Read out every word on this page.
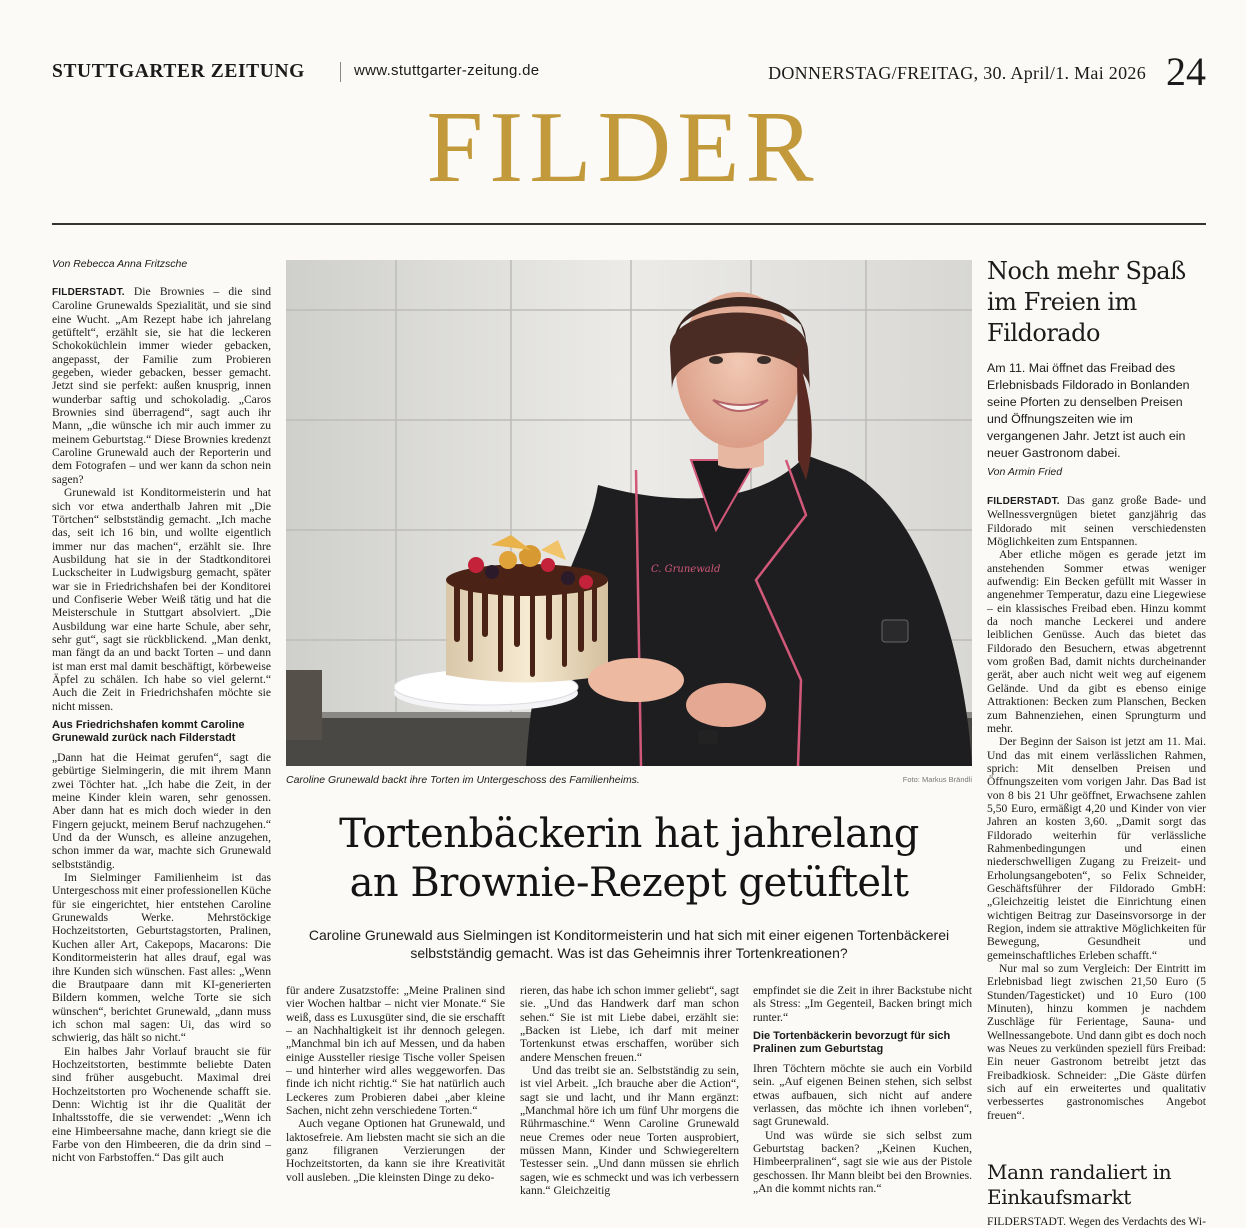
STUTTGARTER ZEITUNG	www.stuttgarter-zeitung.de	DONNERSTAG/FREITAG, 30. April/1. Mai 2026 24
FILDER
Von Rebecca Anna Fritzsche

FILDERSTADT. Die Brownies – die sind Caroline Grunewalds Spezialität, und sie sind eine Wucht. „Am Rezept habe ich jahrelang getüftelt“, erzählt sie, sie hat die leckeren Schokoküchlein immer wieder gebacken, angepasst, der Familie zum Probieren gegeben, wieder gebacken, besser gemacht. Jetzt sind sie perfekt: außen knusprig, innen wunderbar saftig und schokoladig. „Caros Brownies sind überragend“, sagt auch ihr Mann, „die wünsche ich mir auch immer zu meinem Geburtstag.“ Diese Brownies kredenzt Caroline Grunewald auch der Reporterin und dem Fotografen – und wer kann da schon nein sagen?

Grunewald ist Konditormeisterin und hat sich vor etwa anderthalb Jahren mit „Die Törtchen“ selbstständig gemacht. „Ich mache das, seit ich 16 bin, und wollte eigentlich immer nur das machen“, erzählt sie. Ihre Ausbildung hat sie in der Stadtkonditorei Luckscheiter in Ludwigsburg gemacht, später war sie in Friedrichshafen bei der Konditorei und Confiserie Weber Weiß tätig und hat die Meisterschule in Stuttgart absolviert. „Die Ausbildung war eine harte Schule, aber sehr, sehr gut“, sagt sie rückblickend. „Man denkt, man fängt da an und backt Torten – und dann ist man erst mal damit beschäftigt, körbeweise Äpfel zu schälen. Ich habe so viel gelernt.“ Auch die Zeit in Friedrichshafen möchte sie nicht missen.

Aus Friedrichshafen kommt Caroline Grunewald zurück nach Filderstadt

„Dann hat die Heimat gerufen“, sagt die gebürtige Sielmingerin, die mit ihrem Mann zwei Töchter hat. „Ich habe die Zeit, in der meine Kinder klein waren, sehr genossen. Aber dann hat es mich doch wieder in den Fingern gejuckt, meinem Beruf nachzugehen.“ Und da der Wunsch, es alleine anzugehen, schon immer da war, machte sich Grunewald selbstständig.

Im Sielminger Familienheim ist das Untergeschoss mit einer professionellen Küche für sie eingerichtet, hier entstehen Caroline Grunewalds Werke. Mehrstöckige Hochzeitstorten, Geburtstagstorten, Pralinen, Kuchen aller Art, Cakepops, Macarons: Die Konditormeisterin hat alles drauf, egal was ihre Kunden sich wünschen. Fast alles: „Wenn die Brautpaare dann mit KI-generierten Bildern kommen, welche Torte sie sich wünschen“, berichtet Grunewald, „dann muss ich schon mal sagen: Ui, das wird so schwierig, das hält so nicht.“

Ein halbes Jahr Vorlauf braucht sie für Hochzeitstorten, bestimmte beliebte Daten sind früher ausgebucht. Maximal drei Hochzeitstorten pro Wochenende schafft sie. Denn: Wichtig ist ihr die Qualität der Inhaltsstoffe, die sie verwendet: „Wenn ich eine Himbeersahne mache, dann kriegt sie die Farbe von den Himbeeren, die da drin sind – nicht von Farbstoffen.“ Das gilt auch

C. Grunewald
Caroline Grunewald backt ihre Torten im Untergeschoss des Familienheims.	Foto: Markus Brändli
Tortenbäckerin hat jahrelang
an Brownie-Rezept getüftelt
Caroline Grunewald aus Sielmingen ist Konditormeisterin und hat sich mit einer eigenen Tortenbäckerei selbstständig gemacht. Was ist das Geheimnis ihrer Tortenkreationen?

für andere Zusatzstoffe: „Meine Pralinen sind vier Wochen haltbar – nicht vier Monate.“ Sie weiß, dass es Luxusgüter sind, die sie erschafft – an Nachhaltigkeit ist ihr dennoch gelegen. „Manchmal bin ich auf Messen, und da haben einige Aussteller riesige Tische voller Speisen – und hinterher wird alles weggeworfen. Das finde ich nicht richtig.“ Sie hat natürlich auch Leckeres zum Probieren dabei „aber kleine Sachen, nicht zehn verschiedene Torten.“

Auch vegane Optionen hat Grunewald, und laktosefreie. Am liebsten macht sie sich an die ganz filigranen Verzierungen der Hochzeitstorten, da kann sie ihre Kreativität voll ausleben. „Die kleinsten Dinge zu deko-

rieren, das habe ich schon immer geliebt“, sagt sie. „Und das Handwerk darf man schon sehen.“ Sie ist mit Liebe dabei, erzählt sie: „Backen ist Liebe, ich darf mit meiner Tortenkunst etwas erschaffen, worüber sich andere Menschen freuen.“

Und das treibt sie an. Selbstständig zu sein, ist viel Arbeit. „Ich brauche aber die Action“, sagt sie und lacht, und ihr Mann ergänzt: „Manchmal höre ich um fünf Uhr morgens die Rührmaschine.“ Wenn Caroline Grunewald neue Cremes oder neue Torten ausprobiert, müssen Mann, Kinder und Schwiegereltern Testesser sein. „Und dann müssen sie ehrlich sagen, wie es schmeckt und was ich verbessern kann.“ Gleichzeitig

empfindet sie die Zeit in ihrer Backstube nicht als Stress: „Im Gegenteil, Backen bringt mich runter.“

Die Tortenbäckerin bevorzugt für sich Pralinen zum Geburtstag

Ihren Töchtern möchte sie auch ein Vorbild sein. „Auf eigenen Beinen stehen, sich selbst etwas aufbauen, sich nicht auf andere verlassen, das möchte ich ihnen vorleben“, sagt Grunewald.

Und was würde sie sich selbst zum Geburtstag backen? „Keinen Kuchen, Himbeerpralinen“, sagt sie wie aus der Pistole geschossen. Ihr Mann bleibt bei den Brownies. „An die kommt nichts ran.“

Noch mehr Spaß im Freien im Fildorado
Am 11. Mai öffnet das Freibad des Erlebnisbads Fildorado in Bonlanden seine Pforten zu denselben Preisen und Öffnungszeiten wie im vergangenen Jahr. Jetzt ist auch ein neuer Gastronom dabei.
Von Armin Fried

FILDERSTADT. Das ganz große Bade- und Wellnessvergnügen bietet ganzjährig das Fildorado mit seinen verschiedensten Möglichkeiten zum Entspannen.

Aber etliche mögen es gerade jetzt im anstehenden Sommer etwas weniger aufwendig: Ein Becken gefüllt mit Wasser in angenehmer Temperatur, dazu eine Liegewiese – ein klassisches Freibad eben. Hinzu kommt da noch manche Leckerei und andere leiblichen Genüsse. Auch das bietet das Fildorado den Besuchern, etwas abgetrennt vom großen Bad, damit nichts durcheinander gerät, aber auch nicht weit weg auf eigenem Gelände. Und da gibt es ebenso einige Attraktionen: Becken zum Planschen, Becken zum Bahnenziehen, einen Sprungturm und mehr.

Der Beginn der Saison ist jetzt am 11. Mai. Und das mit einem verlässlichen Rahmen, sprich: Mit denselben Preisen und Öffnungszeiten vom vorigen Jahr. Das Bad ist von 8 bis 21 Uhr geöffnet, Erwachsene zahlen 5,50 Euro, ermäßigt 4,20 und Kinder von vier Jahren an kosten 3,60. „Damit sorgt das Fildorado weiterhin für verlässliche Rahmenbedingungen und einen niederschwelligen Zugang zu Freizeit- und Erholungsangeboten“, so Felix Schneider, Geschäftsführer der Fildorado GmbH: „Gleichzeitig leistet die Einrichtung einen wichtigen Beitrag zur Daseinsvorsorge in der Region, indem sie attraktive Möglichkeiten für Bewegung, Gesundheit und gemeinschaftliches Erleben schafft.“

Nur mal so zum Vergleich: Der Eintritt im Erlebnisbad liegt zwischen 21,50 Euro (5 Stunden/Tagesticket) und 10 Euro (100 Minuten), hinzu kommen je nachdem Zuschläge für Ferientage, Sauna- und Wellnessangebote. Und dann gibt es doch noch was Neues zu verkünden speziell fürs Freibad: Ein neuer Gastronom betreibt jetzt das Freibadkiosk. Schneider: „Die Gäste dürfen sich auf ein erweitertes und qualitativ verbessertes gastronomisches Angebot freuen“.

Mann randaliert in Einkaufsmarkt
FILDERSTADT. Wegen des Verdachts des Wi-
